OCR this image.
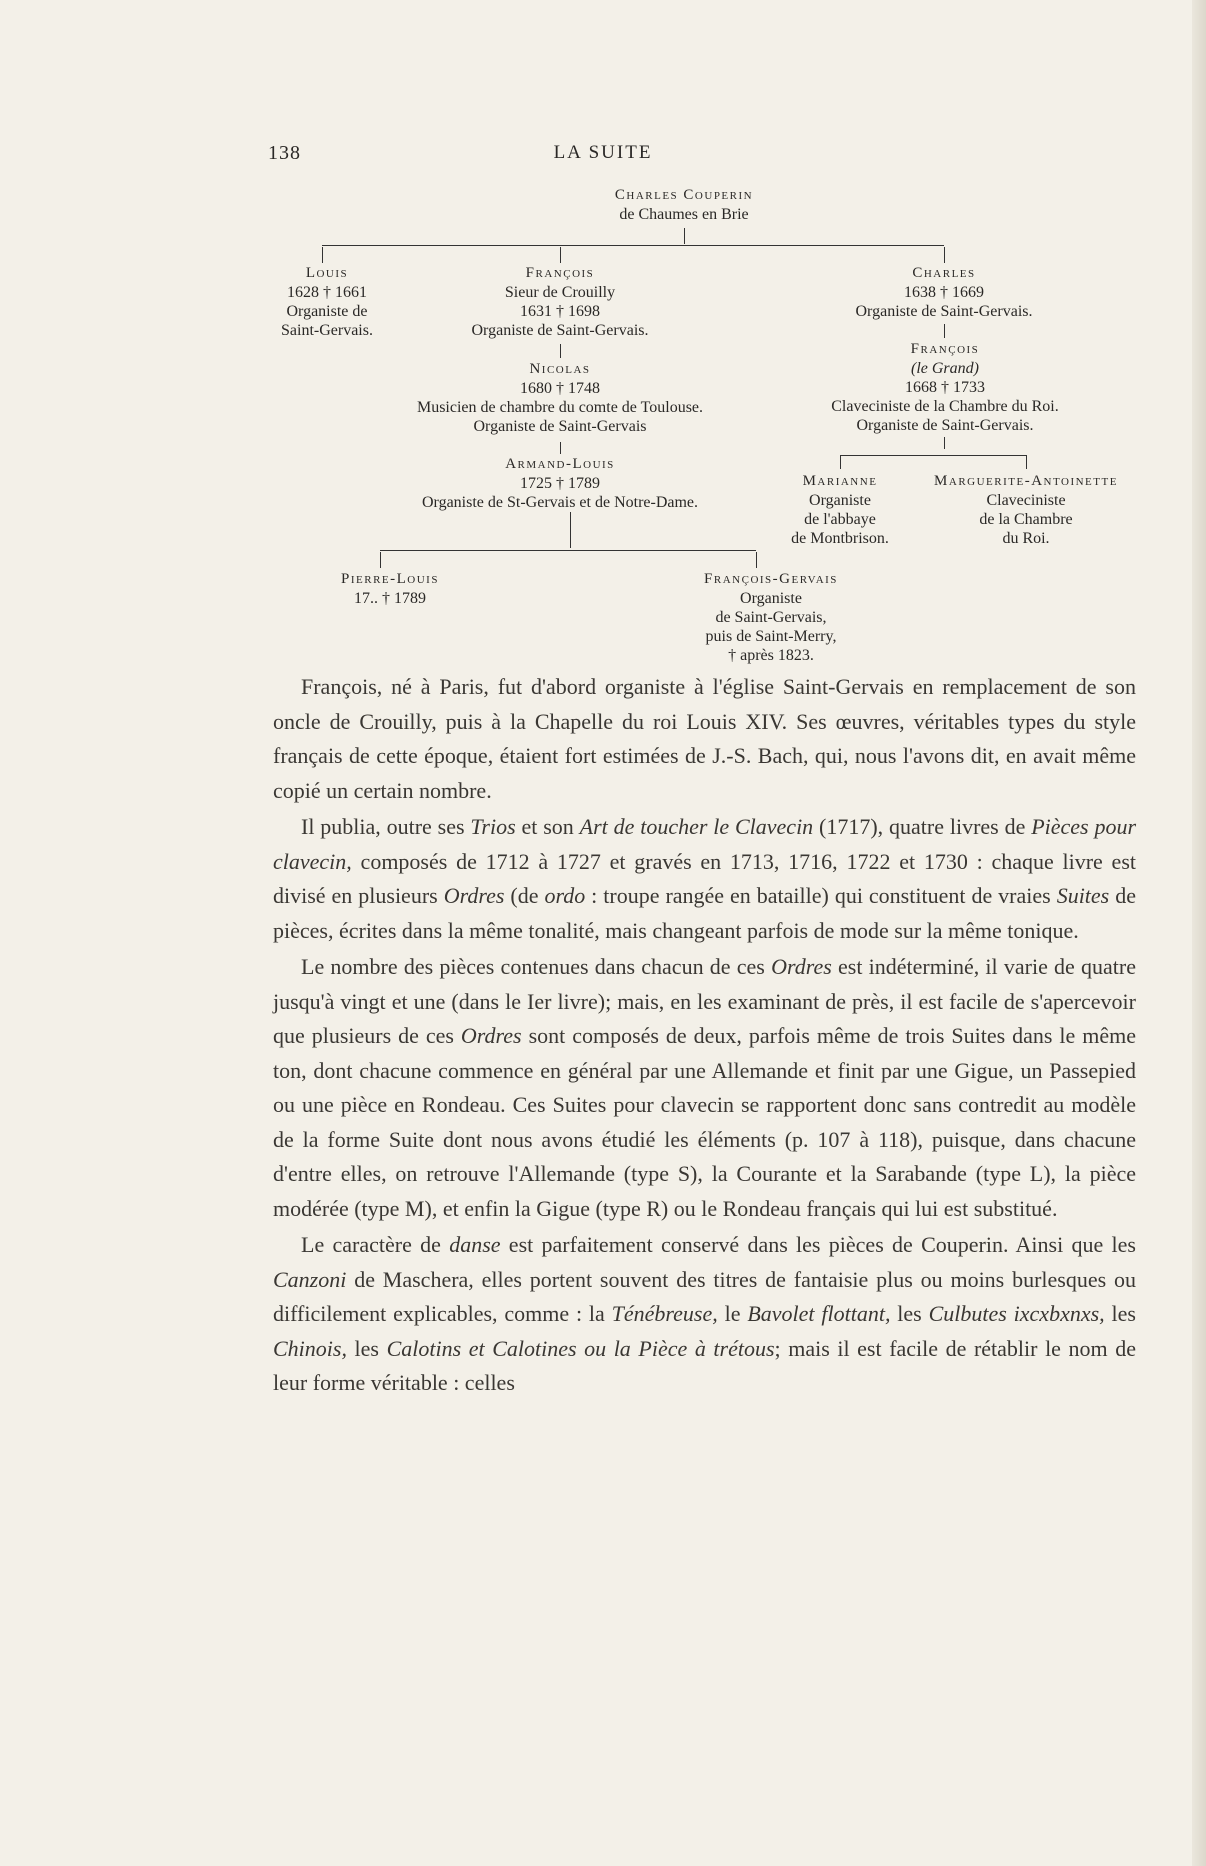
138	LA SUITE
Charles Couperin
de Chaumes en Brie
Louis
1628 † 1661
Organiste de
Saint-Gervais.
François
Sieur de Crouilly
1631 † 1698
Organiste de Saint-Gervais.
Charles
1638 † 1669
Organiste de Saint-Gervais.
Nicolas
1680 † 1748
Musicien de chambre du comte de Toulouse.
Organiste de Saint-Gervais
François
(le Grand)
1668 † 1733
Claveciniste de la Chambre du Roi.
Organiste de Saint-Gervais.
Armand-Louis
1725 † 1789
Organiste de St-Gervais et de Notre-Dame.
Marianne
Organiste
de l'abbaye
de Montbrison.
Marguerite-Antoinette
Claveciniste
de la Chambre
du Roi.
Pierre-Louis
17.. † 1789
François-Gervais
Organiste
de Saint-Gervais,
puis de Saint-Merry,
† après 1823.

François, né à Paris, fut d'abord organiste à l'église Saint-Gervais en remplacement de son oncle de Crouilly, puis à la Chapelle du roi Louis XIV. Ses œuvres, véritables types du style français de cette époque, étaient fort estimées de J.-S. Bach, qui, nous l'avons dit, en avait même copié un certain nombre.

Il publia, outre ses Trios et son Art de toucher le Clavecin (1717), quatre livres de Pièces pour clavecin, composés de 1712 à 1727 et gravés en 1713, 1716, 1722 et 1730 : chaque livre est divisé en plusieurs Ordres (de ordo : troupe rangée en bataille) qui constituent de vraies Suites de pièces, écrites dans la même tonalité, mais changeant parfois de mode sur la même tonique.

Le nombre des pièces contenues dans chacun de ces Ordres est indéterminé, il varie de quatre jusqu'à vingt et une (dans le Ier livre); mais, en les examinant de près, il est facile de s'apercevoir que plusieurs de ces Ordres sont composés de deux, parfois même de trois Suites dans le même ton, dont chacune commence en général par une Allemande et finit par une Gigue, un Passepied ou une pièce en Rondeau. Ces Suites pour clavecin se rapportent donc sans contredit au modèle de la forme Suite dont nous avons étudié les éléments (p. 107 à 118), puisque, dans chacune d'entre elles, on retrouve l'Allemande (type S), la Courante et la Sarabande (type L), la pièce modérée (type M), et enfin la Gigue (type R) ou le Rondeau français qui lui est substitué.

Le caractère de danse est parfaitement conservé dans les pièces de Couperin. Ainsi que les Canzoni de Maschera, elles portent souvent des titres de fantaisie plus ou moins burlesques ou difficilement explicables, comme : la Ténébreuse, le Bavolet flottant, les Culbutes ixcxbxnxs, les Chinois, les Calotins et Calotines ou la Pièce à trétous; mais il est facile de rétablir le nom de leur forme véritable : celles
